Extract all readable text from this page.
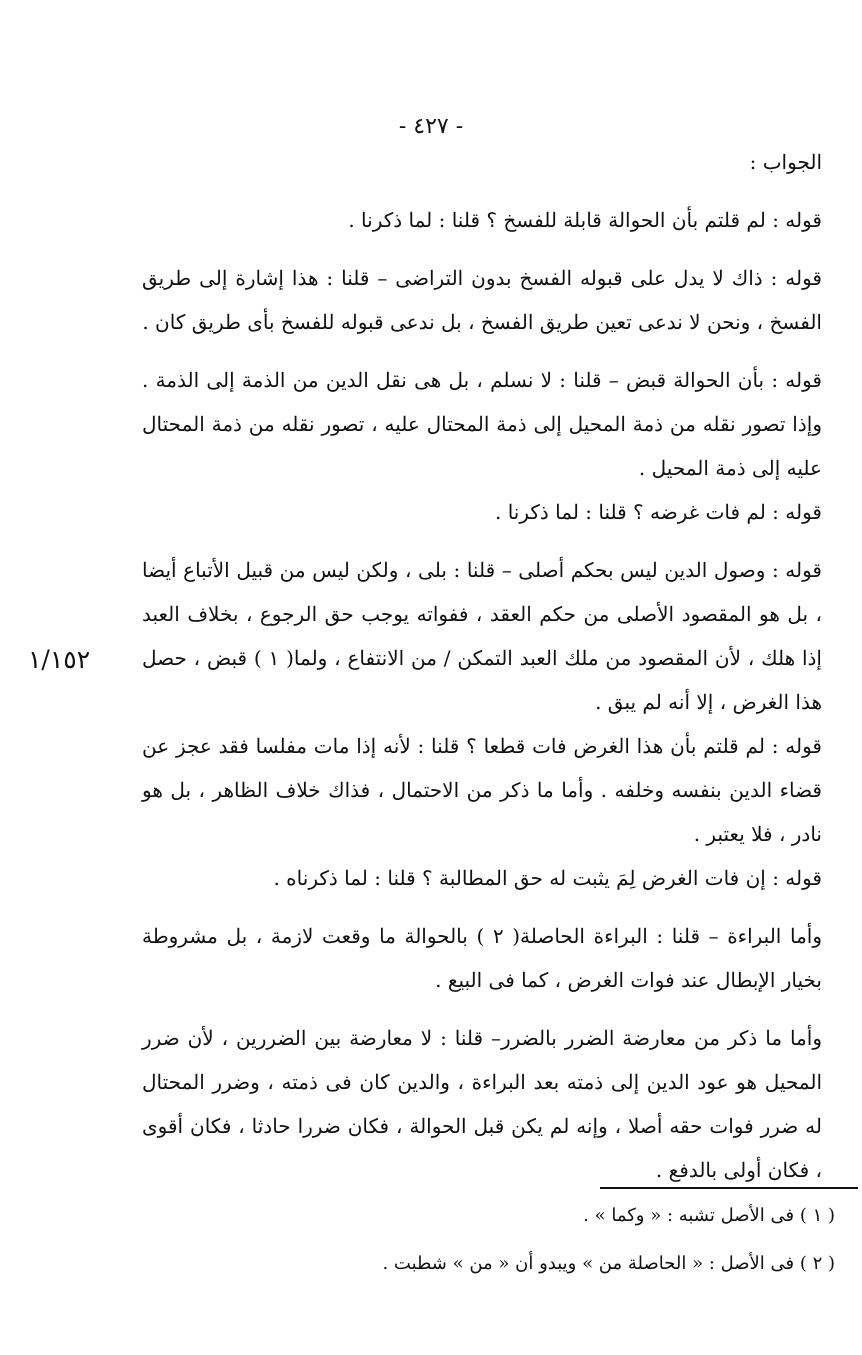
- ٤٢٧ -
١/١٥٢

الجواب :

قوله : لم قلتم بأن الحوالة قابلة للفسخ ؟ قلنا : لما ذكرنا .

قوله : ذاك لا يدل على قبوله الفسخ بدون التراضى – قلنا : هذا إشارة إلى طريق الفسخ ، ونحن لا ندعى تعين طريق الفسخ ، بل ندعى قبوله للفسخ بأى طريق كان .

قوله : بأن الحوالة قبض – قلنا : لا نسلم ، بل هى نقل الدين من الذمة إلى الذمة . وإذا تصور نقله من ذمة المحيل إلى ذمة المحتال عليه ، تصور نقله من ذمة المحتال عليه إلى ذمة المحيل .

قوله : لم فات غرضه ؟ قلنا : لما ذكرنا .

قوله : وصول الدين ليس بحكم أصلى – قلنا : بلى ، ولكن ليس من قبيل الأتباع أيضا ، بل هو المقصود الأصلى من حكم العقد ، ففواته يوجب حق الرجوع ، بخلاف العبد إذا هلك ، لأن المقصود من ملك العبد التمكن / من الانتفاع ، ولما( ١ ) قبض ، حصل هذا الغرض ، إلا أنه لم يبق .

قوله : لم قلتم بأن هذا الغرض فات قطعا ؟ قلنا : لأنه إذا مات مفلسا فقد عجز عن قضاء الدين بنفسه وخلفه . وأما ما ذكر من الاحتمال ، فذاك خلاف الظاهر ، بل هو نادر ، فلا يعتبر .

قوله : إن فات الغرض لِمَ يثبت له حق المطالبة ؟ قلنا : لما ذكرناه .

وأما البراءة – قلنا : البراءة الحاصلة( ٢ ) بالحوالة ما وقعت لازمة ، بل مشروطة بخيار الإبطال عند فوات الغرض ، كما فى البيع .

وأما ما ذكر من معارضة الضرر بالضرر– قلنا : لا معارضة بين الضررين ، لأن ضرر المحيل هو عود الدين إلى ذمته بعد البراءة ، والدين كان فى ذمته ، وضرر المحتال له ضرر فوات حقه أصلا ، وإنه لم يكن قبل الحوالة ، فكان ضررا حادثا ، فكان أقوى ، فكان أولى بالدفع .

( ١ ) فى الأصل تشبه : « وكما » .

( ٢ ) فى الأصل : « الحاصلة من » ويبدو أن « من » شطبت .
